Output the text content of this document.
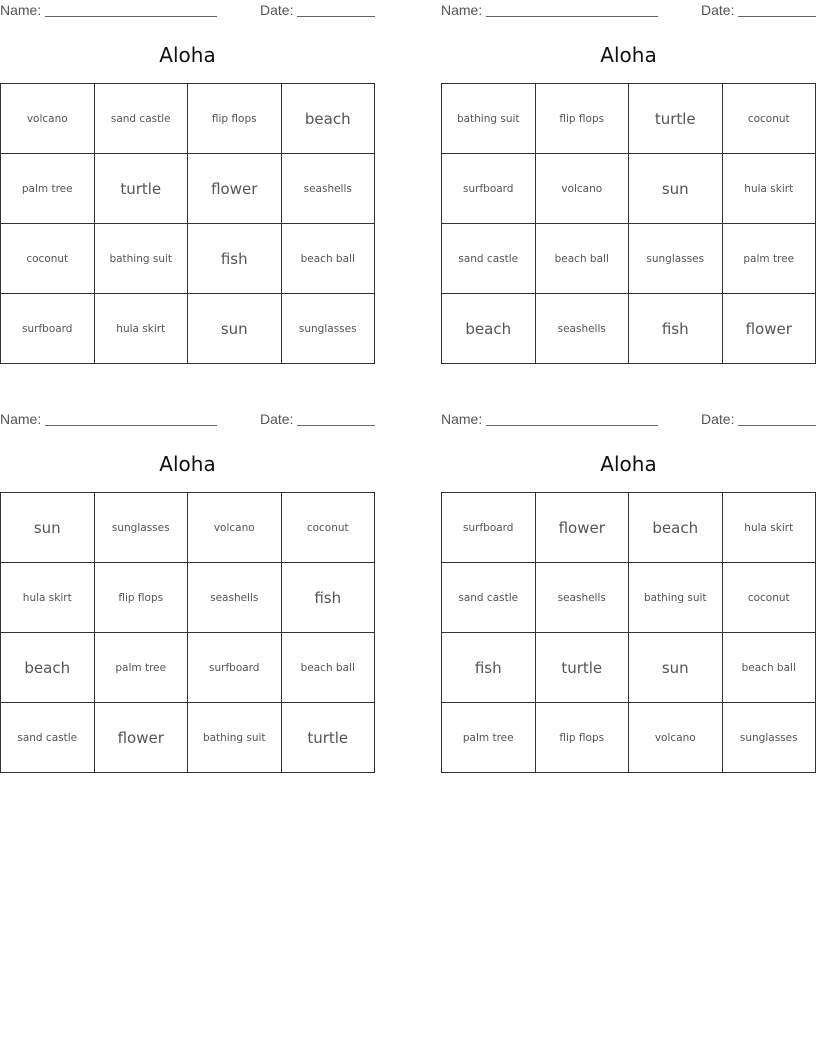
Name:	Date:
Aloha
volcano	sand castle	flip flops	beach
palm tree	turtle	flower	seashells
coconut	bathing suit	fish	beach ball
surfboard	hula skirt	sun	sunglasses
Name:	Date:
Aloha
bathing suit	flip flops	turtle	coconut
surfboard	volcano	sun	hula skirt
sand castle	beach ball	sunglasses	palm tree
beach	seashells	fish	flower
Name:	Date:
Aloha
sun	sunglasses	volcano	coconut
hula skirt	flip flops	seashells	fish
beach	palm tree	surfboard	beach ball
sand castle	flower	bathing suit	turtle
Name:	Date:
Aloha
surfboard	flower	beach	hula skirt
sand castle	seashells	bathing suit	coconut
fish	turtle	sun	beach ball
palm tree	flip flops	volcano	sunglasses
